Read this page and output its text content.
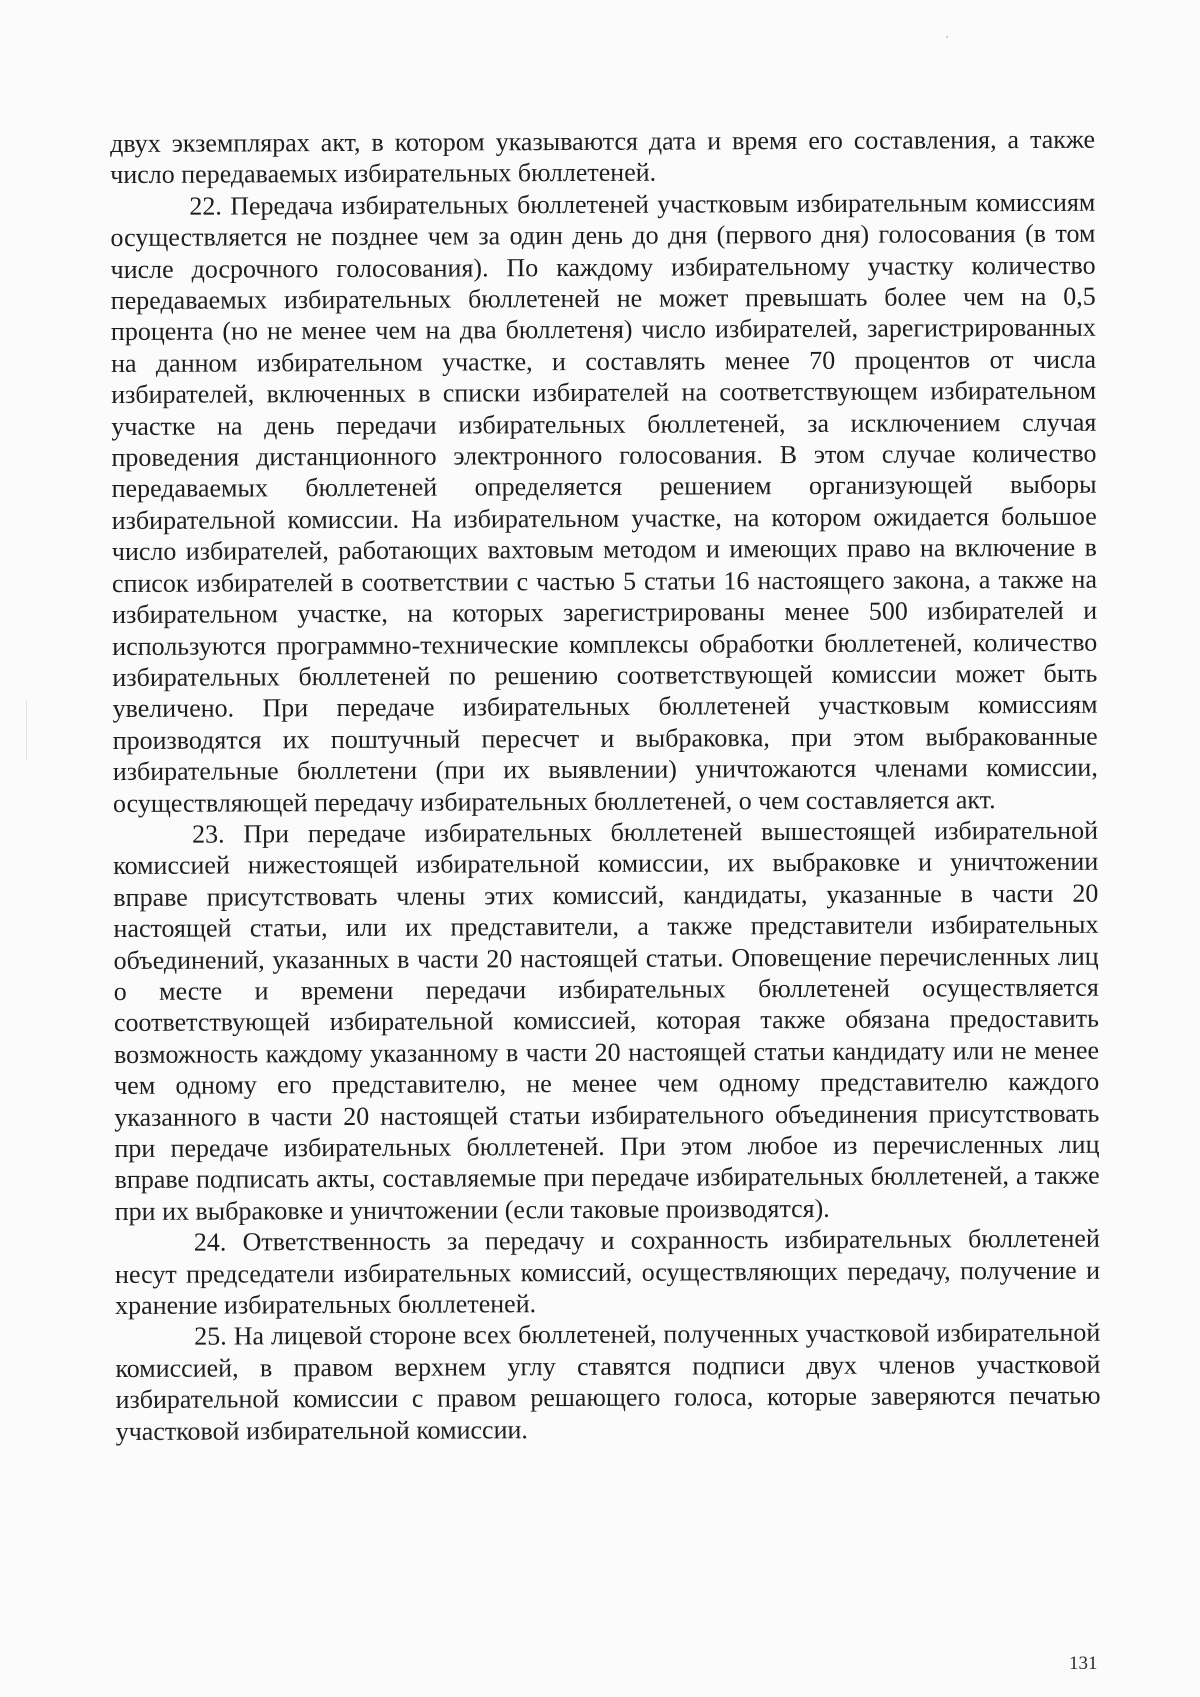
двух экземплярах акт, в котором указываются дата и время его составления, а также число передаваемых избирательных бюллетеней.

22. Передача избирательных бюллетеней участковым избирательным комиссиям осуществляется не позднее чем за один день до дня (первого дня) голосования (в том числе досрочного голосования). По каждому избирательному участку количество передаваемых избирательных бюллетеней не может превышать более чем на 0,5 процента (но не менее чем на два бюллетеня) число избирателей, зарегистрированных на данном избирательном участке, и составлять менее 70 процентов от числа избирателей, включенных в списки избирателей на соответствующем избирательном участке на день передачи избирательных бюллетеней, за исключением случая проведения дистанционного электронного голосования. В этом случае количество передаваемых бюллетеней определяется решением организующей выборы избирательной комиссии. На избирательном участке, на котором ожидается большое число избирателей, работающих вахтовым методом и имеющих право на включение в список избирателей в соответствии с частью 5 статьи 16 настоящего закона, а также на избирательном участке, на которых зарегистрированы менее 500 избирателей и используются программно-технические комплексы обработки бюллетеней, количество избирательных бюллетеней по решению соответствующей комиссии может быть увеличено. При передаче избирательных бюллетеней участковым комиссиям производятся их поштучный пересчет и выбраковка, при этом выбракованные избирательные бюллетени (при их выявлении) уничтожаются членами комиссии, осуществляющей передачу избирательных бюллетеней, о чем составляется акт.

23. При передаче избирательных бюллетеней вышестоящей избирательной комиссией нижестоящей избирательной комиссии, их выбраковке и уничтожении вправе присутствовать члены этих комиссий, кандидаты, указанные в части 20 настоящей статьи, или их представители, а также представители избирательных объединений, указанных в части 20 настоящей статьи. Оповещение перечисленных лиц о месте и времени передачи избирательных бюллетеней осуществляется соответствующей избирательной комиссией, которая также обязана предоставить возможность каждому указанному в части 20 настоящей статьи кандидату или не менее чем одному его представителю, не менее чем одному представителю каждого указанного в части 20 настоящей статьи избирательного объединения присутствовать при передаче избирательных бюллетеней. При этом любое из перечисленных лиц вправе подписать акты, составляемые при передаче избирательных бюллетеней, а также при их выбраковке и уничтожении (если таковые производятся).

24. Ответственность за передачу и сохранность избирательных бюллетеней несут председатели избирательных комиссий, осуществляющих передачу, получение и хранение избирательных бюллетеней.

25. На лицевой стороне всех бюллетеней, полученных участковой избирательной комиссией, в правом верхнем углу ставятся подписи двух членов участковой избирательной комиссии с правом решающего голоса, которые заверяются печатью участковой избирательной комиссии.

131
